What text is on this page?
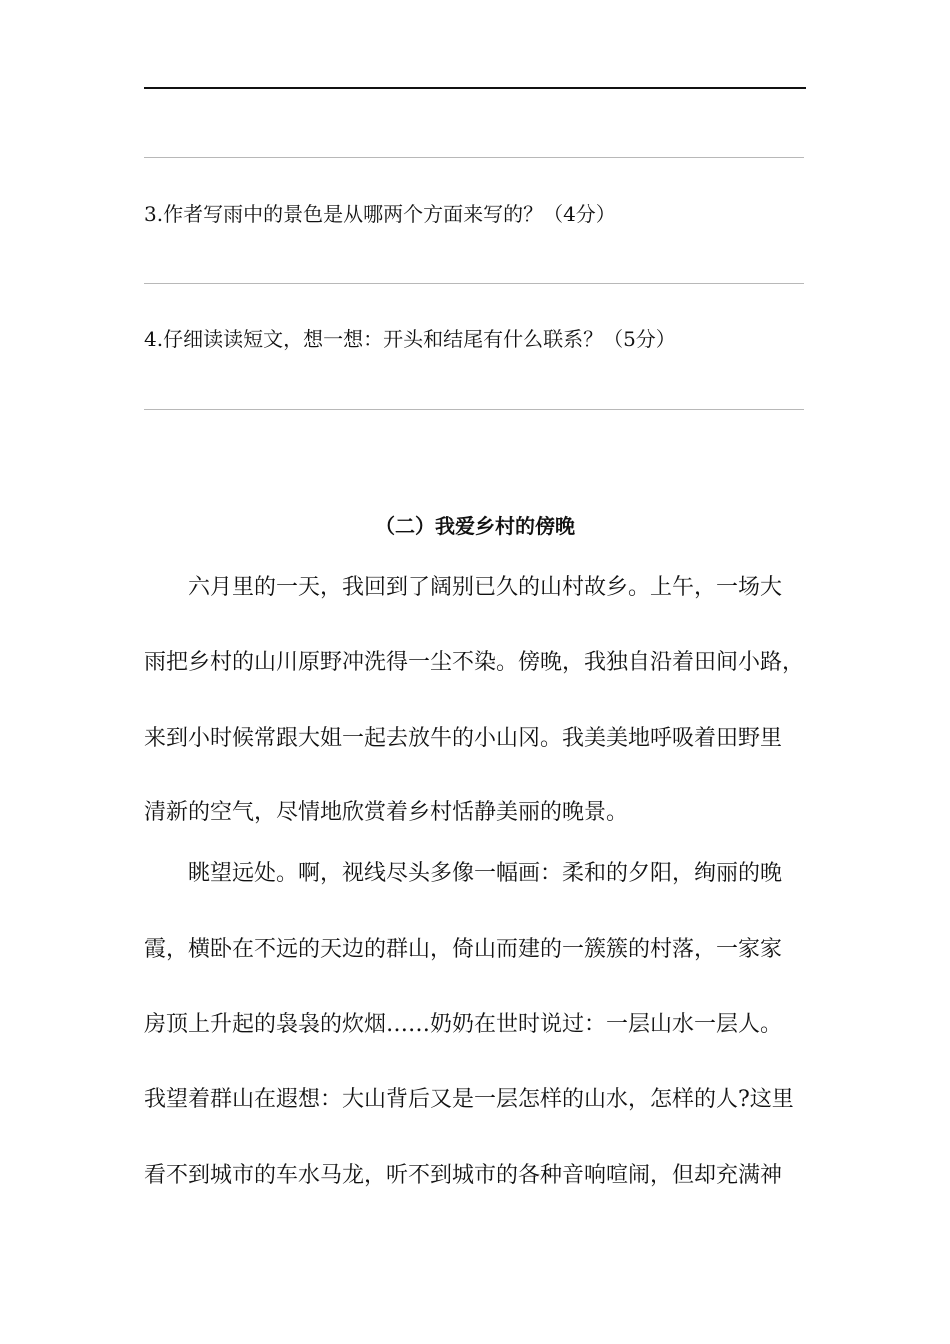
3.作者写雨中的景色是从哪两个方面来写的？（4分）
4.仔细读读短文，想一想：开头和结尾有什么联系？（5分）
（二）我爱乡村的傍晚
　　六月里的一天，我回到了阔别已久的山村故乡。上午，一场大
雨把乡村的山川原野冲洗得一尘不染。傍晚，我独自沿着田间小路，
来到小时候常跟大姐一起去放牛的小山冈。我美美地呼吸着田野里
清新的空气，尽情地欣赏着乡村恬静美丽的晚景。
　　眺望远处。啊，视线尽头多像一幅画：柔和的夕阳，绚丽的晚
霞，横卧在不远的天边的群山，倚山而建的一簇簇的村落，一家家
房顶上升起的袅袅的炊烟……奶奶在世时说过：一层山水一层人。
我望着群山在遐想：大山背后又是一层怎样的山水，怎样的人?这里
看不到城市的车水马龙，听不到城市的各种音响喧闹，但却充满神
